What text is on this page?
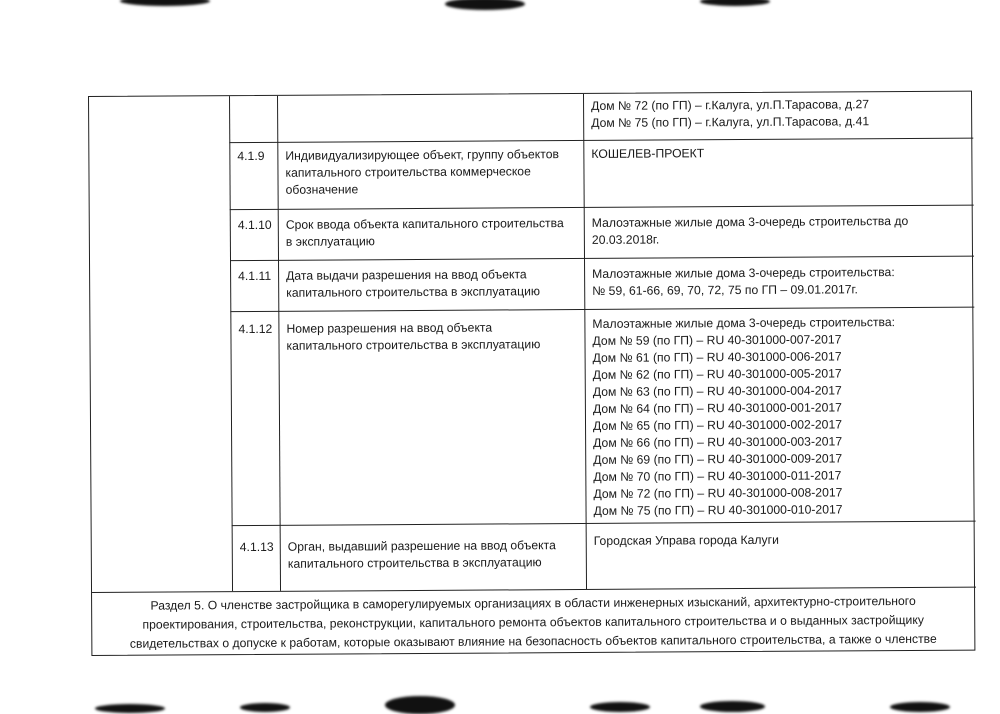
Дом № 72 (по ГП) – г.Калуга, ул.П.Тарасова, д.27
Дом № 75 (по ГП) – г.Калуга, ул.П.Тарасова, д.41
4.1.9 Индивидуализирующее объект, группу объектов
капитального строительства коммерческое
обозначение
КОШЕЛЕВ-ПРОЕКТ
4.1.10 Срок ввода объекта капитального строительства
в эксплуатацию
Малоэтажные жилые дома 3-очередь строительства до
20.03.2018г.
4.1.11 Дата выдачи разрешения на ввод объекта
капитального строительства в эксплуатацию
Малоэтажные жилые дома 3-очередь строительства:
№ 59, 61-66, 69, 70, 72, 75 по ГП – 09.01.2017г.
4.1.12 Номер разрешения на ввод объекта
капитального строительства в эксплуатацию
Малоэтажные жилые дома 3-очередь строительства:
Дом № 59 (по ГП) – RU 40-301000-007-2017
Дом № 61 (по ГП) – RU 40-301000-006-2017
Дом № 62 (по ГП) – RU 40-301000-005-2017
Дом № 63 (по ГП) – RU 40-301000-004-2017
Дом № 64 (по ГП) – RU 40-301000-001-2017
Дом № 65 (по ГП) – RU 40-301000-002-2017
Дом № 66 (по ГП) – RU 40-301000-003-2017
Дом № 69 (по ГП) – RU 40-301000-009-2017
Дом № 70 (по ГП) – RU 40-301000-011-2017
Дом № 72 (по ГП) – RU 40-301000-008-2017
Дом № 75 (по ГП) – RU 40-301000-010-2017
4.1.13 Орган, выдавший разрешение на ввод объекта
капитального строительства в эксплуатацию
Городская Управа города Калуги
Раздел 5. О членстве застройщика в саморегулируемых организациях в области инженерных изысканий, архитектурно-строительного
проектирования, строительства, реконструкции, капитального ремонта объектов капитального строительства и о выданных застройщику
свидетельствах о допуске к работам, которые оказывают влияние на безопасность объектов капитального строительства, а также о членстве
